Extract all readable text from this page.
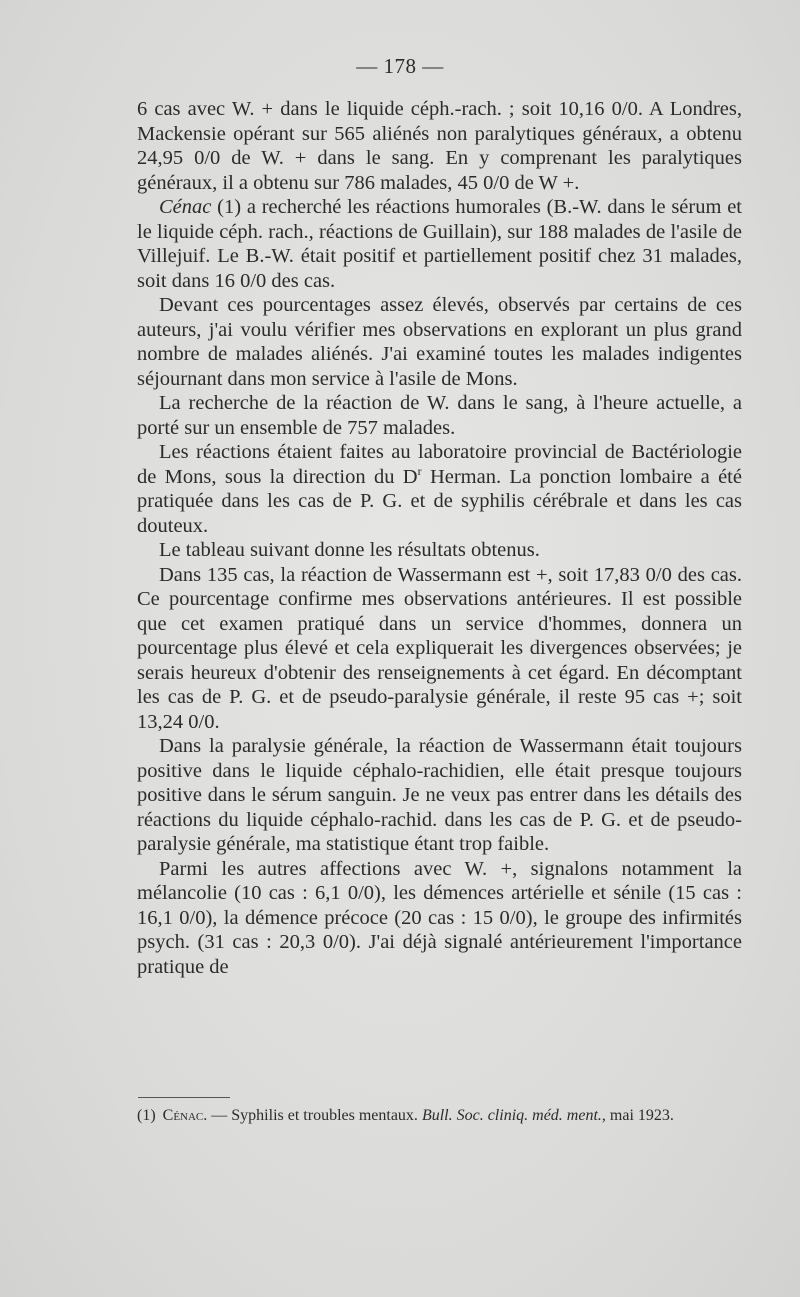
— 178 —

6 cas avec W. + dans le liquide céph.-rach. ; soit 10,16 0/0. A Londres, Mackensie opérant sur 565 aliénés non paralytiques généraux, a obtenu 24,95 0/0 de W. + dans le sang. En y comprenant les paralytiques généraux, il a obtenu sur 786 malades, 45 0/0 de W +.

Cénac (1) a recherché les réactions humorales (B.-W. dans le sérum et le liquide céph. rach., réactions de Guillain), sur 188 malades de l'asile de Villejuif. Le B.-W. était positif et partiellement positif chez 31 malades, soit dans 16 0/0 des cas.

Devant ces pourcentages assez élevés, observés par certains de ces auteurs, j'ai voulu vérifier mes observations en explorant un plus grand nombre de malades aliénés. J'ai examiné toutes les malades indigentes séjournant dans mon service à l'asile de Mons.

La recherche de la réaction de W. dans le sang, à l'heure actuelle, a porté sur un ensemble de 757 malades.

Les réactions étaient faites au laboratoire provincial de Bactériologie de Mons, sous la direction du $D^r$ Herman. La ponction lombaire a été pratiquée dans les cas de P. G. et de syphilis cérébrale et dans les cas douteux.

Le tableau suivant donne les résultats obtenus.

Dans 135 cas, la réaction de Wassermann est +, soit 17,83 0/0 des cas. Ce pourcentage confirme mes observations antérieures. Il est possible que cet examen pratiqué dans un service d'hommes, donnera un pourcentage plus élevé et cela expliquerait les divergences observées; je serais heureux d'obtenir des renseignements à cet égard. En décomptant les cas de P. G. et de pseudo-paralysie générale, il reste 95 cas +; soit 13,24 0/0.

Dans la paralysie générale, la réaction de Wassermann était toujours positive dans le liquide céphalo-rachidien, elle était presque toujours positive dans le sérum sanguin. Je ne veux pas entrer dans les détails des réactions du liquide céphalo-rachid. dans les cas de P. G. et de pseudo-paralysie générale, ma statistique étant trop faible.

Parmi les autres affections avec W. +, signalons notamment la mélancolie (10 cas : 6,1 0/0), les démences artérielle et sénile (15 cas : 16,1 0/0), la démence précoce (20 cas : 15 0/0), le groupe des infirmités psych. (31 cas : 20,3 0/0). J'ai déjà signalé antérieurement l'importance pratique de

(1) Cénac. — Syphilis et troubles mentaux. Bull. Soc. cliniq. méd. ment., mai 1923.
